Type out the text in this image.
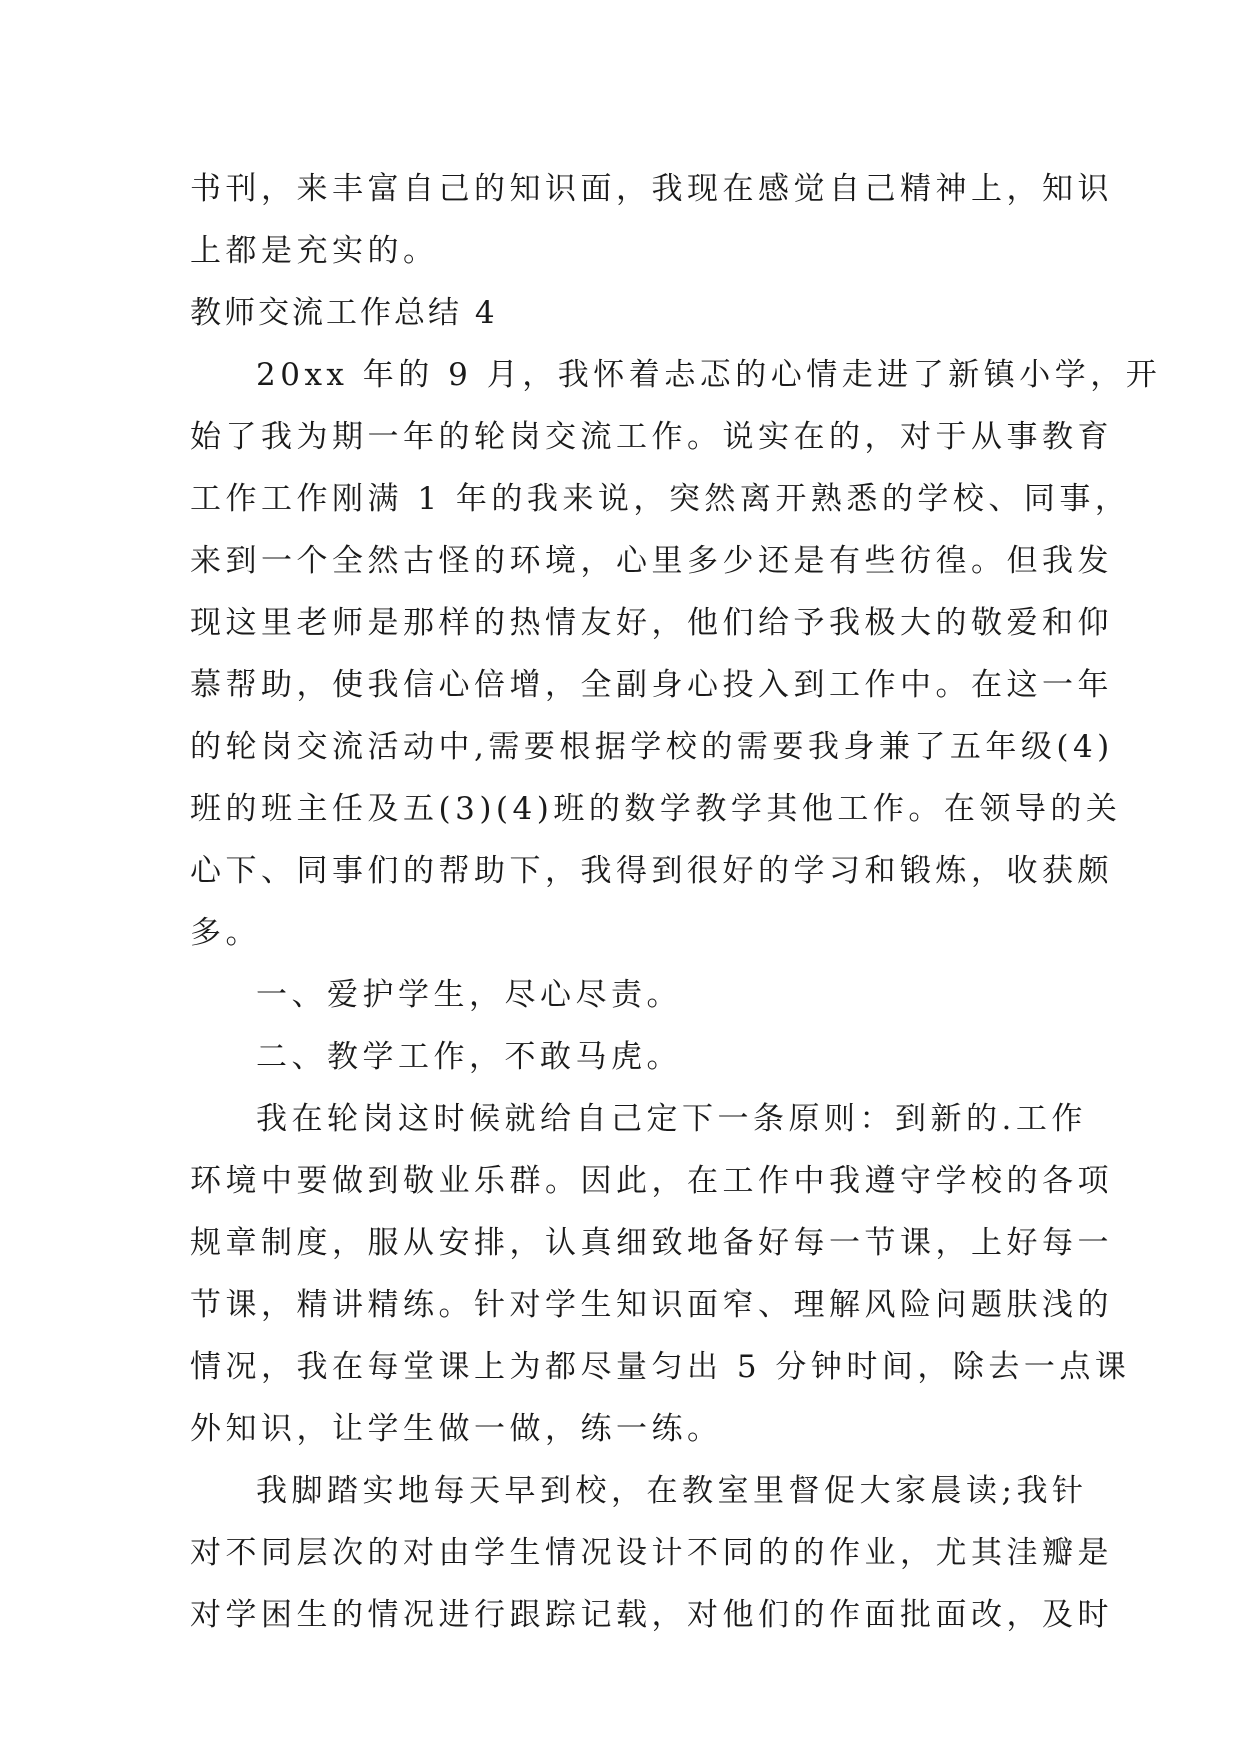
书刊，来丰富自己的知识面，我现在感觉自己精神上，知识
上都是充实的。
教师交流工作总结 4
20xx 年的 9 月，我怀着忐忑的心情走进了新镇小学，开
始了我为期一年的轮岗交流工作。说实在的，对于从事教育
工作工作刚满 1 年的我来说，突然离开熟悉的学校、同事，
来到一个全然古怪的环境，心里多少还是有些彷徨。但我发
现这里老师是那样的热情友好，他们给予我极大的敬爱和仰
慕帮助，使我信心倍增，全副身心投入到工作中。在这一年
的轮岗交流活动中,需要根据学校的需要我身兼了五年级(4)
班的班主任及五(3)(4)班的数学教学其他工作。在领导的关
心下、同事们的帮助下，我得到很好的学习和锻炼，收获颇
多。
一、爱护学生，尽心尽责。
二、教学工作，不敢马虎。
我在轮岗这时候就给自己定下一条原则：到新的.工作
环境中要做到敬业乐群。因此，在工作中我遵守学校的各项
规章制度，服从安排，认真细致地备好每一节课，上好每一
节课，精讲精练。针对学生知识面窄、理解风险问题肤浅的
情况，我在每堂课上为都尽量匀出 5 分钟时间，除去一点课
外知识，让学生做一做，练一练。
我脚踏实地每天早到校，在教室里督促大家晨读;我针
对不同层次的对由学生情况设计不同的的作业，尤其洼瓣是
对学困生的情况进行跟踪记载，对他们的作面批面改，及时
